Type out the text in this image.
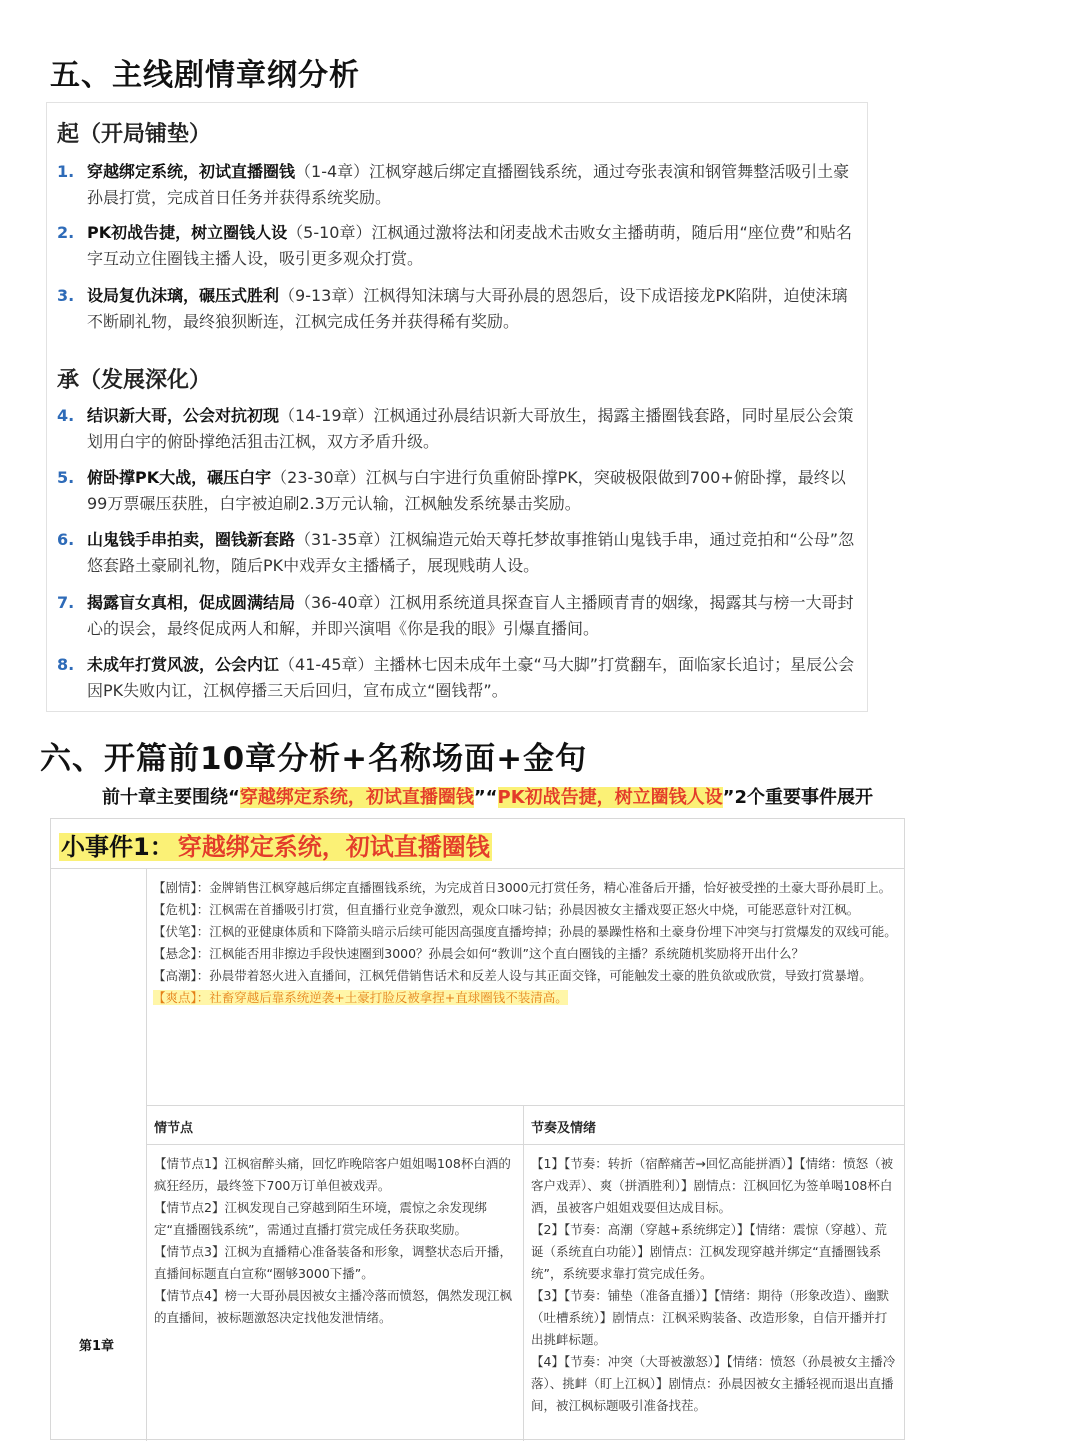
五、主线剧情章纲分析
起（开局铺垫）
1. 穿越绑定系统，初试直播圈钱（1-4章）江枫穿越后绑定直播圈钱系统，通过夸张表演和钢管舞整活吸引土豪孙晨打赏，完成首日任务并获得系统奖励。
2. PK初战告捷，树立圈钱人设（5-10章）江枫通过激将法和闭麦战术击败女主播萌萌，随后用“座位费”和贴名字互动立住圈钱主播人设，吸引更多观众打赏。
3. 设局复仇沫璃，碾压式胜利（9-13章）江枫得知沫璃与大哥孙晨的恩怨后，设下成语接龙PK陷阱，迫使沫璃不断刷礼物，最终狼狈断连，江枫完成任务并获得稀有奖励。
承（发展深化）
4. 结识新大哥，公会对抗初现（14-19章）江枫通过孙晨结识新大哥放生，揭露主播圈钱套路，同时星辰公会策划用白宇的俯卧撑绝活狙击江枫，双方矛盾升级。
5. 俯卧撑PK大战，碾压白宇（23-30章）江枫与白宇进行负重俯卧撑PK，突破极限做到700+俯卧撑，最终以99万票碾压获胜，白宇被迫刷2.3万元认输，江枫触发系统暴击奖励。
6. 山鬼钱手串拍卖，圈钱新套路（31-35章）江枫编造元始天尊托梦故事推销山鬼钱手串，通过竞拍和“公母”忽悠套路土豪刷礼物，随后PK中戏弄女主播橘子，展现贱萌人设。
7. 揭露盲女真相，促成圆满结局（36-40章）江枫用系统道具探查盲人主播顾青青的姻缘，揭露其与榜一大哥封心的误会，最终促成两人和解，并即兴演唱《你是我的眼》引爆直播间。
8. 未成年打赏风波，公会内讧（41-45章）主播林七因未成年土豪“马大脚”打赏翻车，面临家长追讨；星辰公会因PK失败内讧，江枫停播三天后回归，宣布成立“圈钱帮”。
六、开篇前10章分析+名称场面+金句
前十章主要围绕“穿越绑定系统，初试直播圈钱”“PK初战告捷，树立圈钱人设”2个重要事件展开
小事件1： 穿越绑定系统，初试直播圈钱
第1章

【剧情】：金牌销售江枫穿越后绑定直播圈钱系统，为完成首日3000元打赏任务，精心准备后开播，恰好被受挫的土豪大哥孙晨盯上。

【危机】：江枫需在首播吸引打赏，但直播行业竞争激烈，观众口味刁钻；孙晨因被女主播戏耍正怒火中烧，可能恶意针对江枫。

【伏笔】：江枫的亚健康体质和下降箭头暗示后续可能因高强度直播垮掉；孙晨的暴躁性格和土豪身份埋下冲突与打赏爆发的双线可能。

【悬念】：江枫能否用非擦边手段快速圈到3000？孙晨会如何“教训”这个直白圈钱的主播？系统随机奖励将开出什么？

【高潮】：孙晨带着怒火进入直播间，江枫凭借销售话术和反差人设与其正面交锋，可能触发土豪的胜负欲或欣赏，导致打赏暴增。

【爽点】：社畜穿越后靠系统逆袭+土豪打脸反被拿捏+直球圈钱不装清高。

情节点	节奏及情绪

【情节点1】江枫宿醉头痛，回忆昨晚陪客户姐姐喝108杯白酒的疯狂经历，最终签下700万订单但被戏弄。

【情节点2】江枫发现自己穿越到陌生环境，震惊之余发现绑定“直播圈钱系统”，需通过直播打赏完成任务获取奖励。

【情节点3】江枫为直播精心准备装备和形象，调整状态后开播，直播间标题直白宣称“圈够3000下播”。

【情节点4】榜一大哥孙晨因被女主播冷落而愤怒，偶然发现江枫的直播间，被标题激怒决定找他发泄情绪。

【1】【节奏：转折（宿醉痛苦→回忆高能拼酒）】【情绪：愤怒（被客户戏弄）、爽（拼酒胜利）】剧情点：江枫回忆为签单喝108杯白酒，虽被客户姐姐戏耍但达成目标。

【2】【节奏：高潮（穿越+系统绑定）】【情绪：震惊（穿越）、荒诞（系统直白功能）】剧情点：江枫发现穿越并绑定“直播圈钱系统”，系统要求靠打赏完成任务。

【3】【节奏：铺垫（准备直播）】【情绪：期待（形象改造）、幽默（吐槽系统）】剧情点：江枫采购装备、改造形象，自信开播并打出挑衅标题。

【4】【节奏：冲突（大哥被激怒）】【情绪：愤怒（孙晨被女主播冷落）、挑衅（盯上江枫）】剧情点：孙晨因被女主播轻视而退出直播间，被江枫标题吸引准备找茬。
